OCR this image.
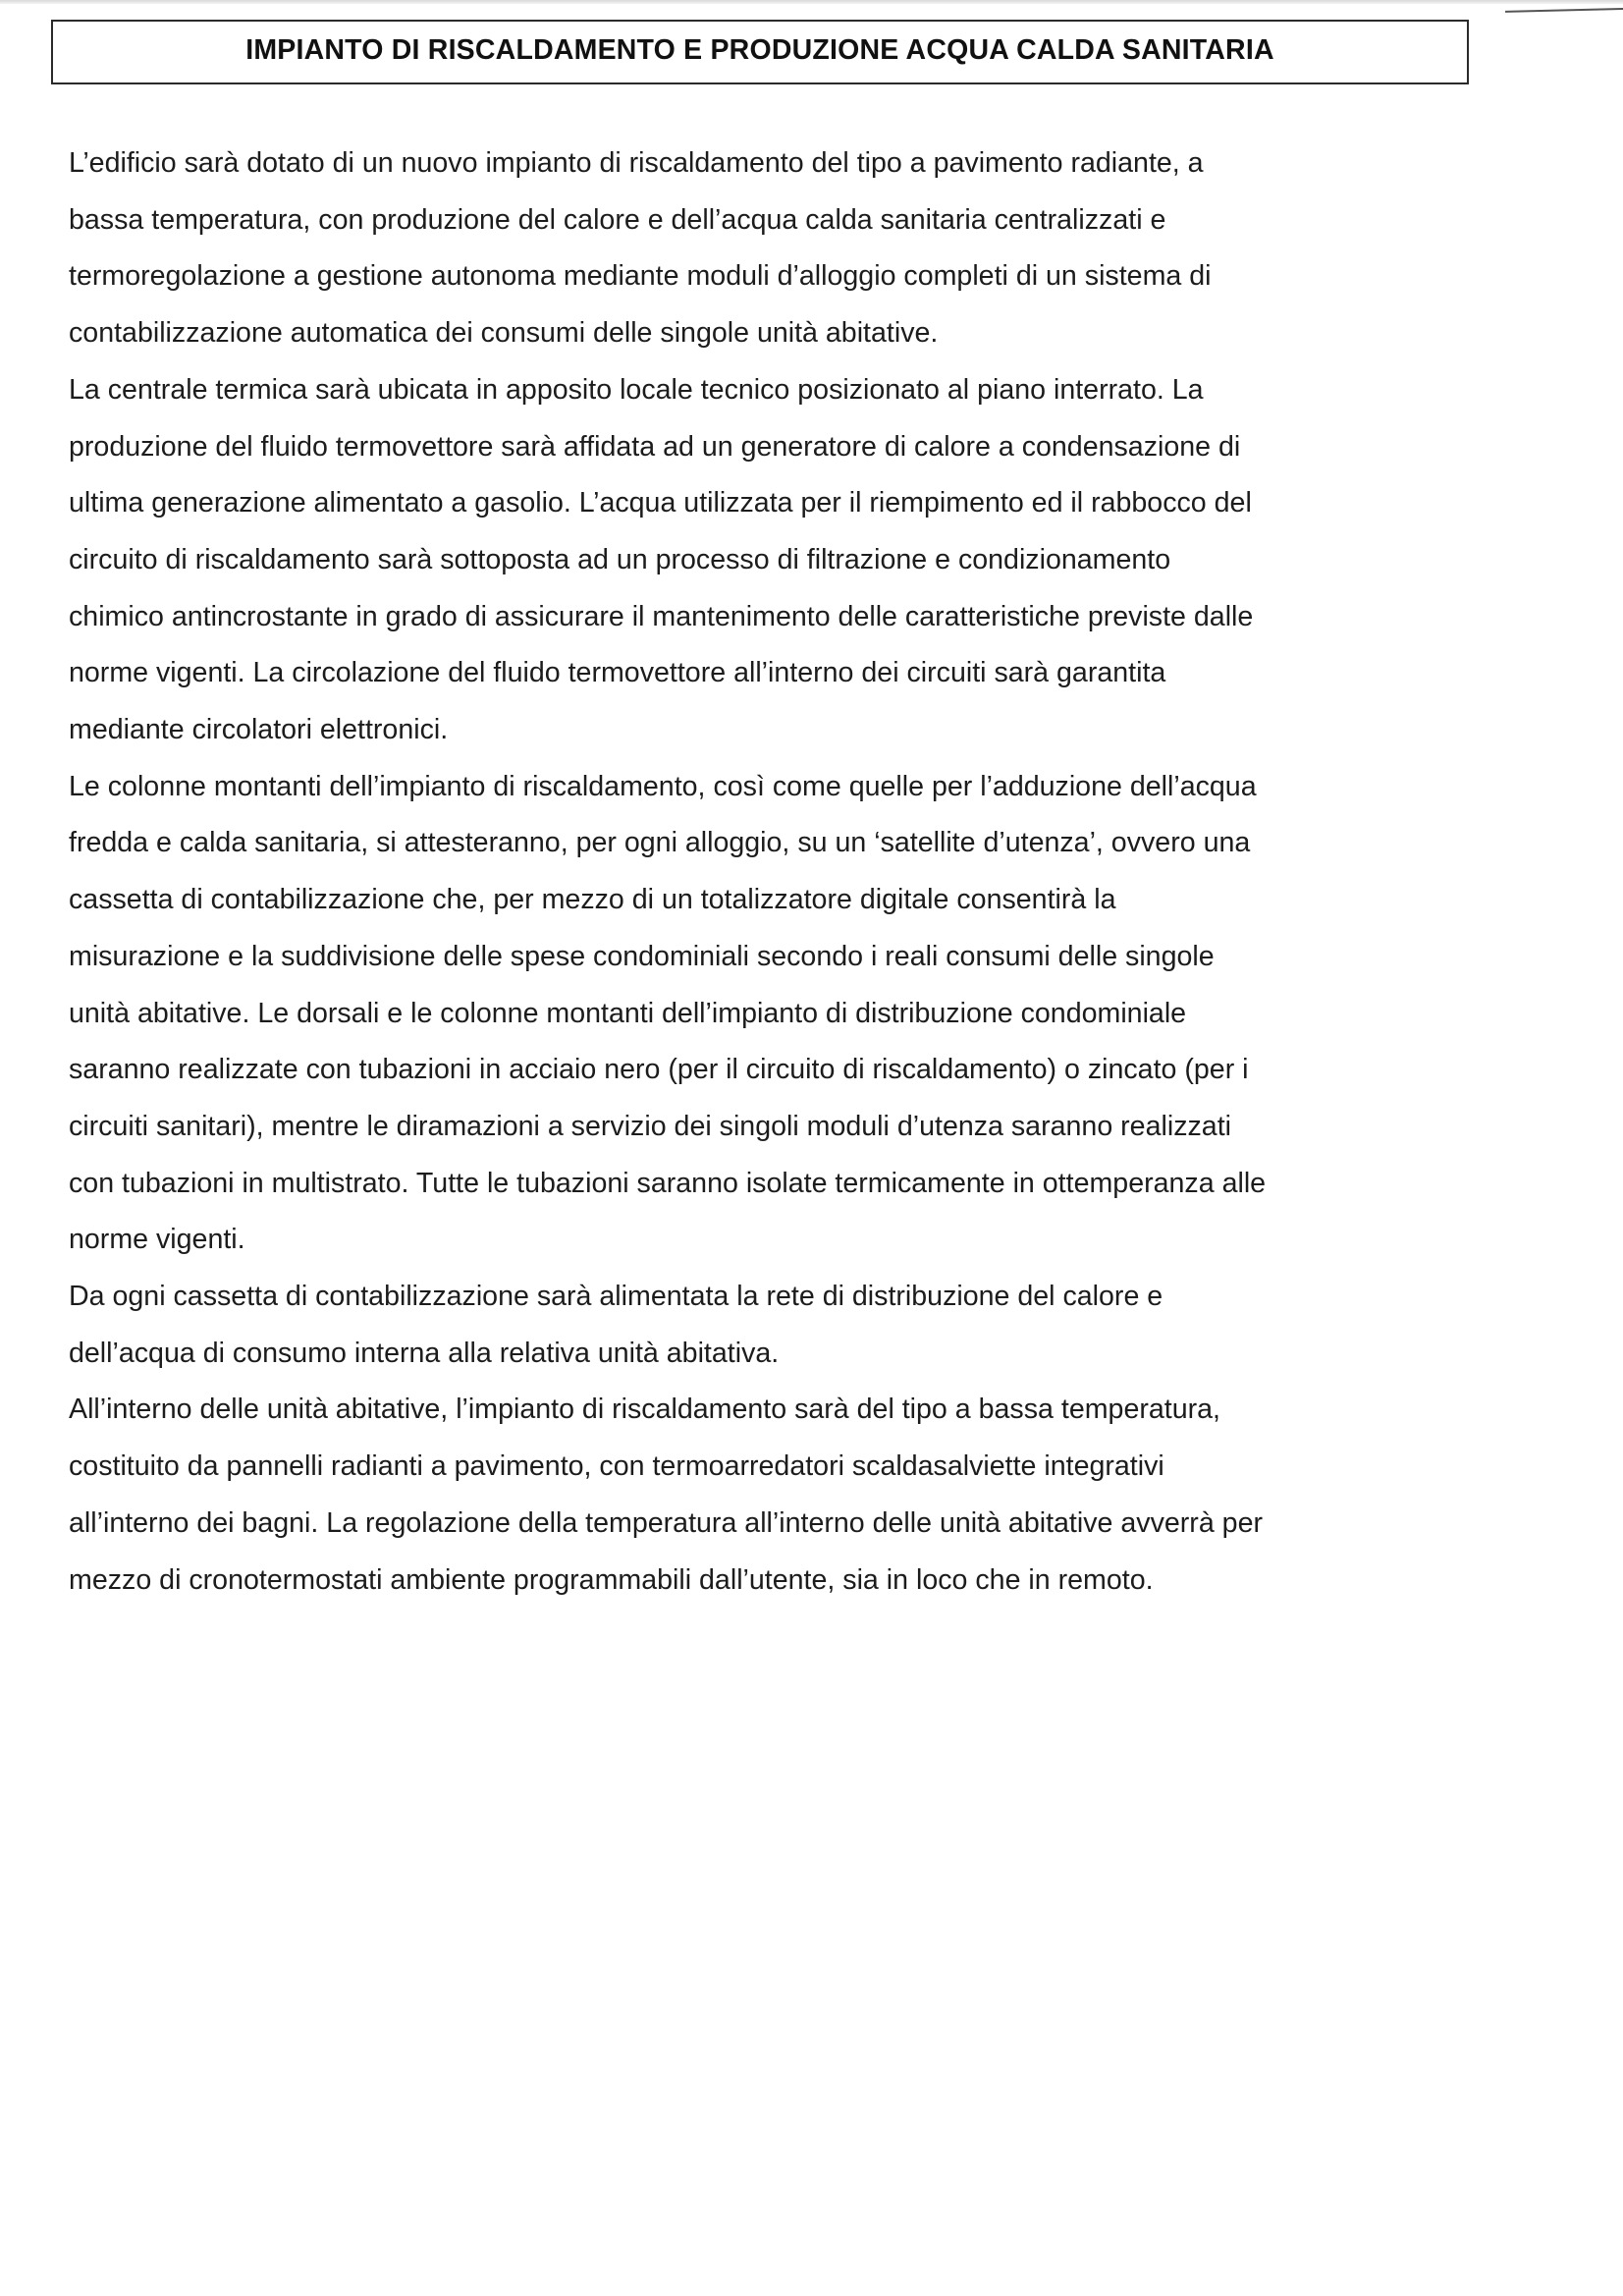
IMPIANTO DI RISCALDAMENTO E PRODUZIONE ACQUA CALDA SANITARIA
L’edificio sarà dotato di un nuovo impianto di riscaldamento del tipo a pavimento radiante, a
bassa temperatura, con produzione del calore e dell’acqua calda sanitaria centralizzati e
termoregolazione a gestione autonoma mediante moduli d’alloggio completi di un sistema di
contabilizzazione automatica dei consumi delle singole unità abitative.
La centrale termica sarà ubicata in apposito locale tecnico posizionato al piano interrato. La
produzione del fluido termovettore sarà affidata ad un generatore di calore a condensazione di
ultima generazione alimentato a gasolio. L’acqua utilizzata per il riempimento ed il rabbocco del
circuito di riscaldamento sarà sottoposta ad un processo di filtrazione e condizionamento
chimico antincrostante in grado di assicurare il mantenimento delle caratteristiche previste dalle
norme vigenti. La circolazione del fluido termovettore all’interno dei circuiti sarà garantita
mediante circolatori elettronici.
Le colonne montanti dell’impianto di riscaldamento, così come quelle per l’adduzione dell’acqua
fredda e calda sanitaria, si attesteranno, per ogni alloggio, su un ‘satellite d’utenza’, ovvero una
cassetta di contabilizzazione che, per mezzo di un totalizzatore digitale consentirà la
misurazione e la suddivisione delle spese condominiali secondo i reali consumi delle singole
unità abitative. Le dorsali e le colonne montanti dell’impianto di distribuzione condominiale
saranno realizzate con tubazioni in acciaio nero (per il circuito di riscaldamento) o zincato (per i
circuiti sanitari), mentre le diramazioni a servizio dei singoli moduli d’utenza saranno realizzati
con tubazioni in multistrato. Tutte le tubazioni saranno isolate termicamente in ottemperanza alle
norme vigenti.
Da ogni cassetta di contabilizzazione sarà alimentata la rete di distribuzione del calore e
dell’acqua di consumo interna alla relativa unità abitativa.
All’interno delle unità abitative, l’impianto di riscaldamento sarà del tipo a bassa temperatura,
costituito da pannelli radianti a pavimento, con termoarredatori scaldasalviette integrativi
all’interno dei bagni. La regolazione della temperatura all’interno delle unità abitative avverrà per
mezzo di cronotermostati ambiente programmabili dall’utente, sia in loco che in remoto.
